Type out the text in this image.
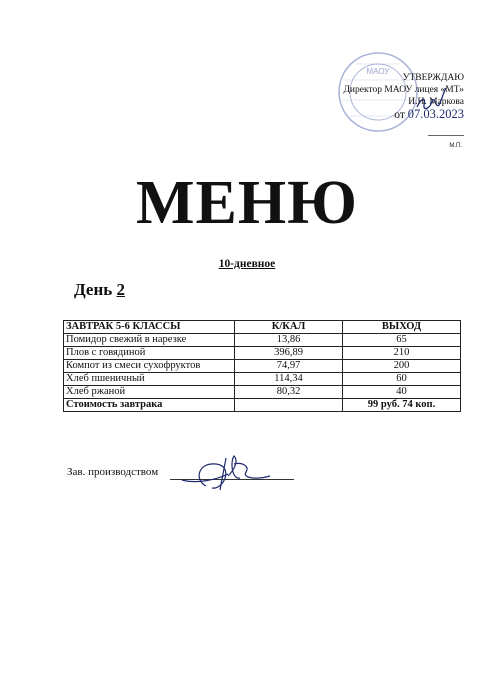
МАОУ
УТВЕРЖДАЮ
Директор МАОУ лицея «МТ»
И.Н. Маркова
от 07.03.2023
М.П.
МЕНЮ
10-дневное
День 2
ЗАВТРАК 5-6 КЛАССЫ	К/КАЛ	ВЫХОД
Помидор свежий в нарезке	13,86	65
Плов с говядиной	396,89	210
Компот из смеси сухофруктов	74,97	200
Хлеб пшеничный	114,34	60
Хлеб ржаной	80,32	40
Стоимость завтрака		99 руб. 74 коп.
Зав. производством
